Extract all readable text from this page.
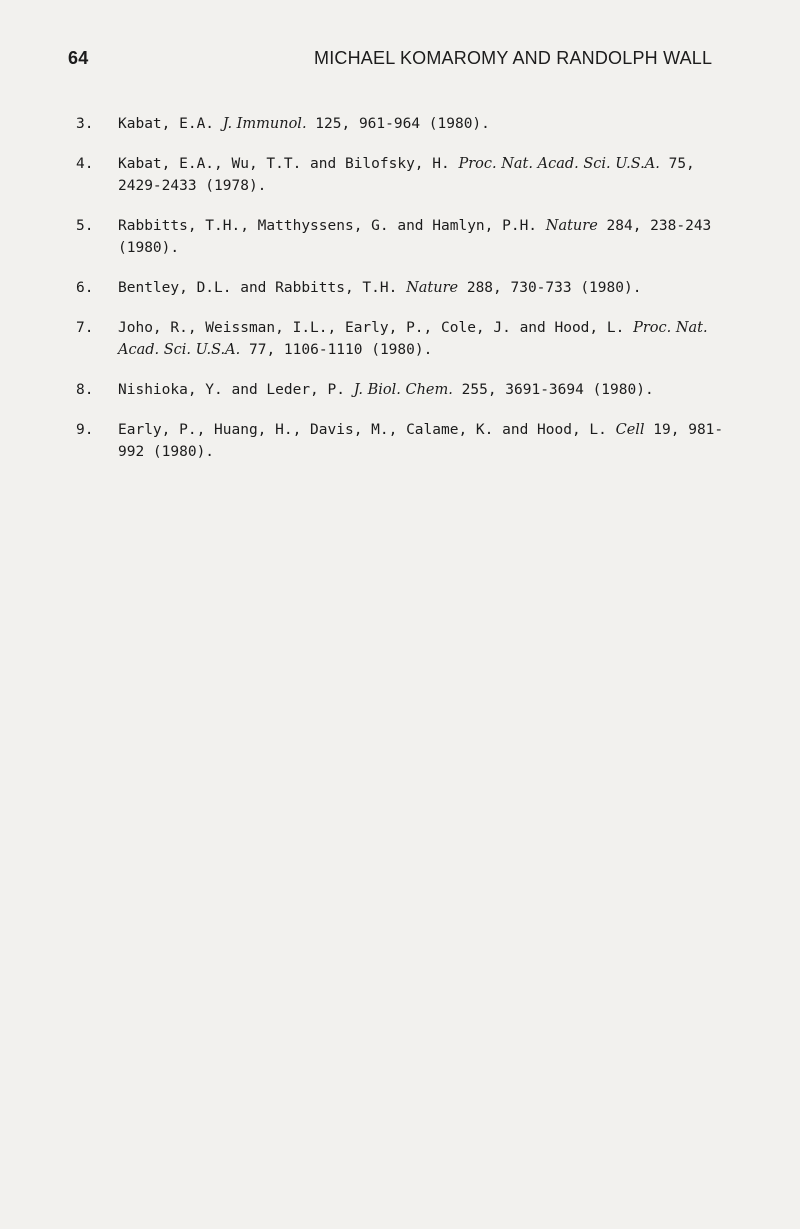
64	MICHAEL KOMAROMY AND RANDOLPH WALL
3. Kabat, E.A. J. Immunol. 125, 961-964 (1980).
4. Kabat, E.A., Wu, T.T. and Bilofsky, H. Proc. Nat. Acad. Sci. U.S.A. 75, 2429-2433 (1978).
5. Rabbitts, T.H., Matthyssens, G. and Hamlyn, P.H. Nature 284, 238-243 (1980).
6. Bentley, D.L. and Rabbitts, T.H. Nature 288, 730-733 (1980).
7. Joho, R., Weissman, I.L., Early, P., Cole, J. and Hood, L. Proc. Nat. Acad. Sci. U.S.A. 77, 1106-1110 (1980).
8. Nishioka, Y. and Leder, P. J. Biol. Chem. 255, 3691-3694 (1980).
9. Early, P., Huang, H., Davis, M., Calame, K. and Hood, L. Cell 19, 981-992 (1980).
